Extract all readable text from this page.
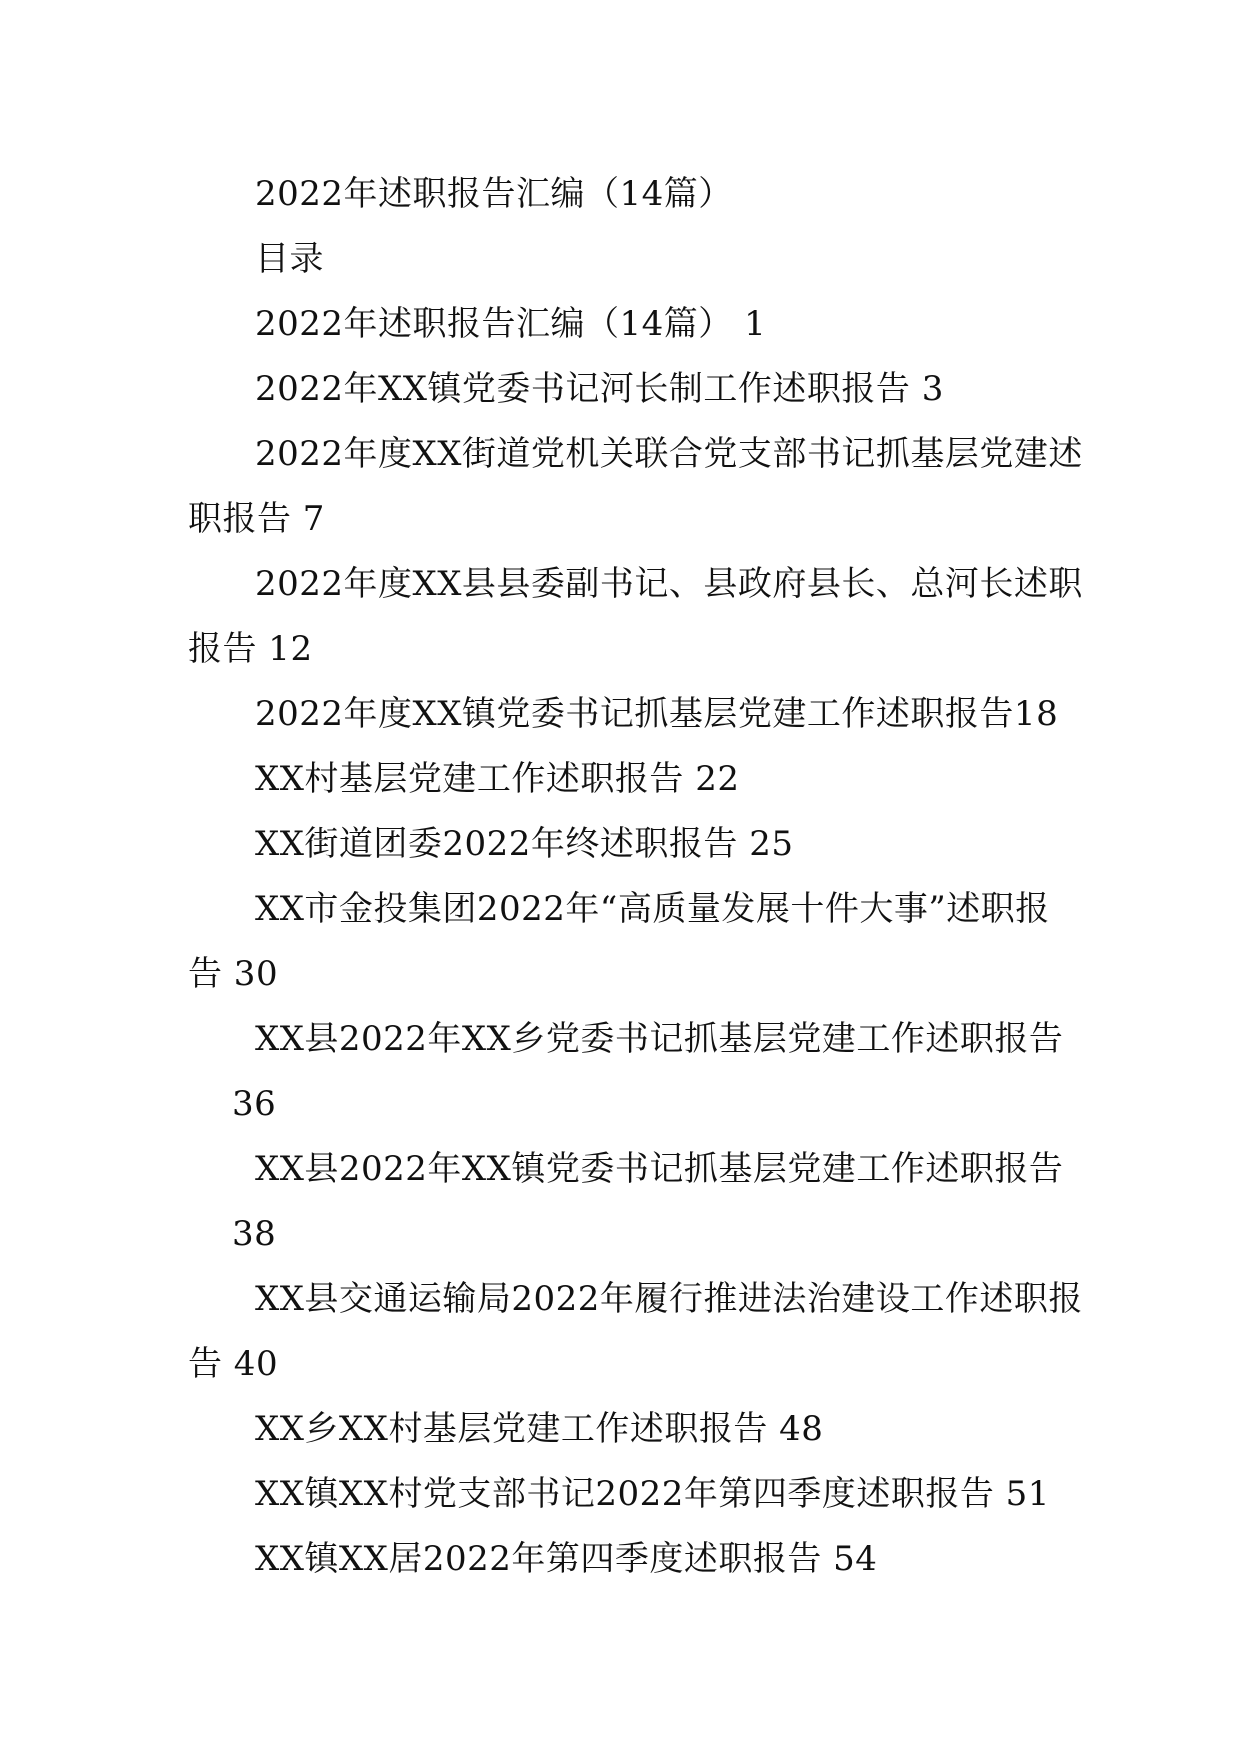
2022年述职报告汇编（14篇）
目录
2022年述职报告汇编（14篇） 1
2022年XX镇党委书记河长制工作述职报告 3
2022年度XX街道党机关联合党支部书记抓基层党建述
职报告 7
2022年度XX县县委副书记、县政府县长、总河长述职
报告 12
2022年度XX镇党委书记抓基层党建工作述职报告18
XX村基层党建工作述职报告 22
XX街道团委2022年终述职报告 25
XX市金投集团2022年“高质量发展十件大事”述职报
告 30
XX县2022年XX乡党委书记抓基层党建工作述职报告
36
XX县2022年XX镇党委书记抓基层党建工作述职报告
38
XX县交通运输局2022年履行推进法治建设工作述职报
告 40
XX乡XX村基层党建工作述职报告 48
XX镇XX村党支部书记2022年第四季度述职报告 51
XX镇XX居2022年第四季度述职报告 54
